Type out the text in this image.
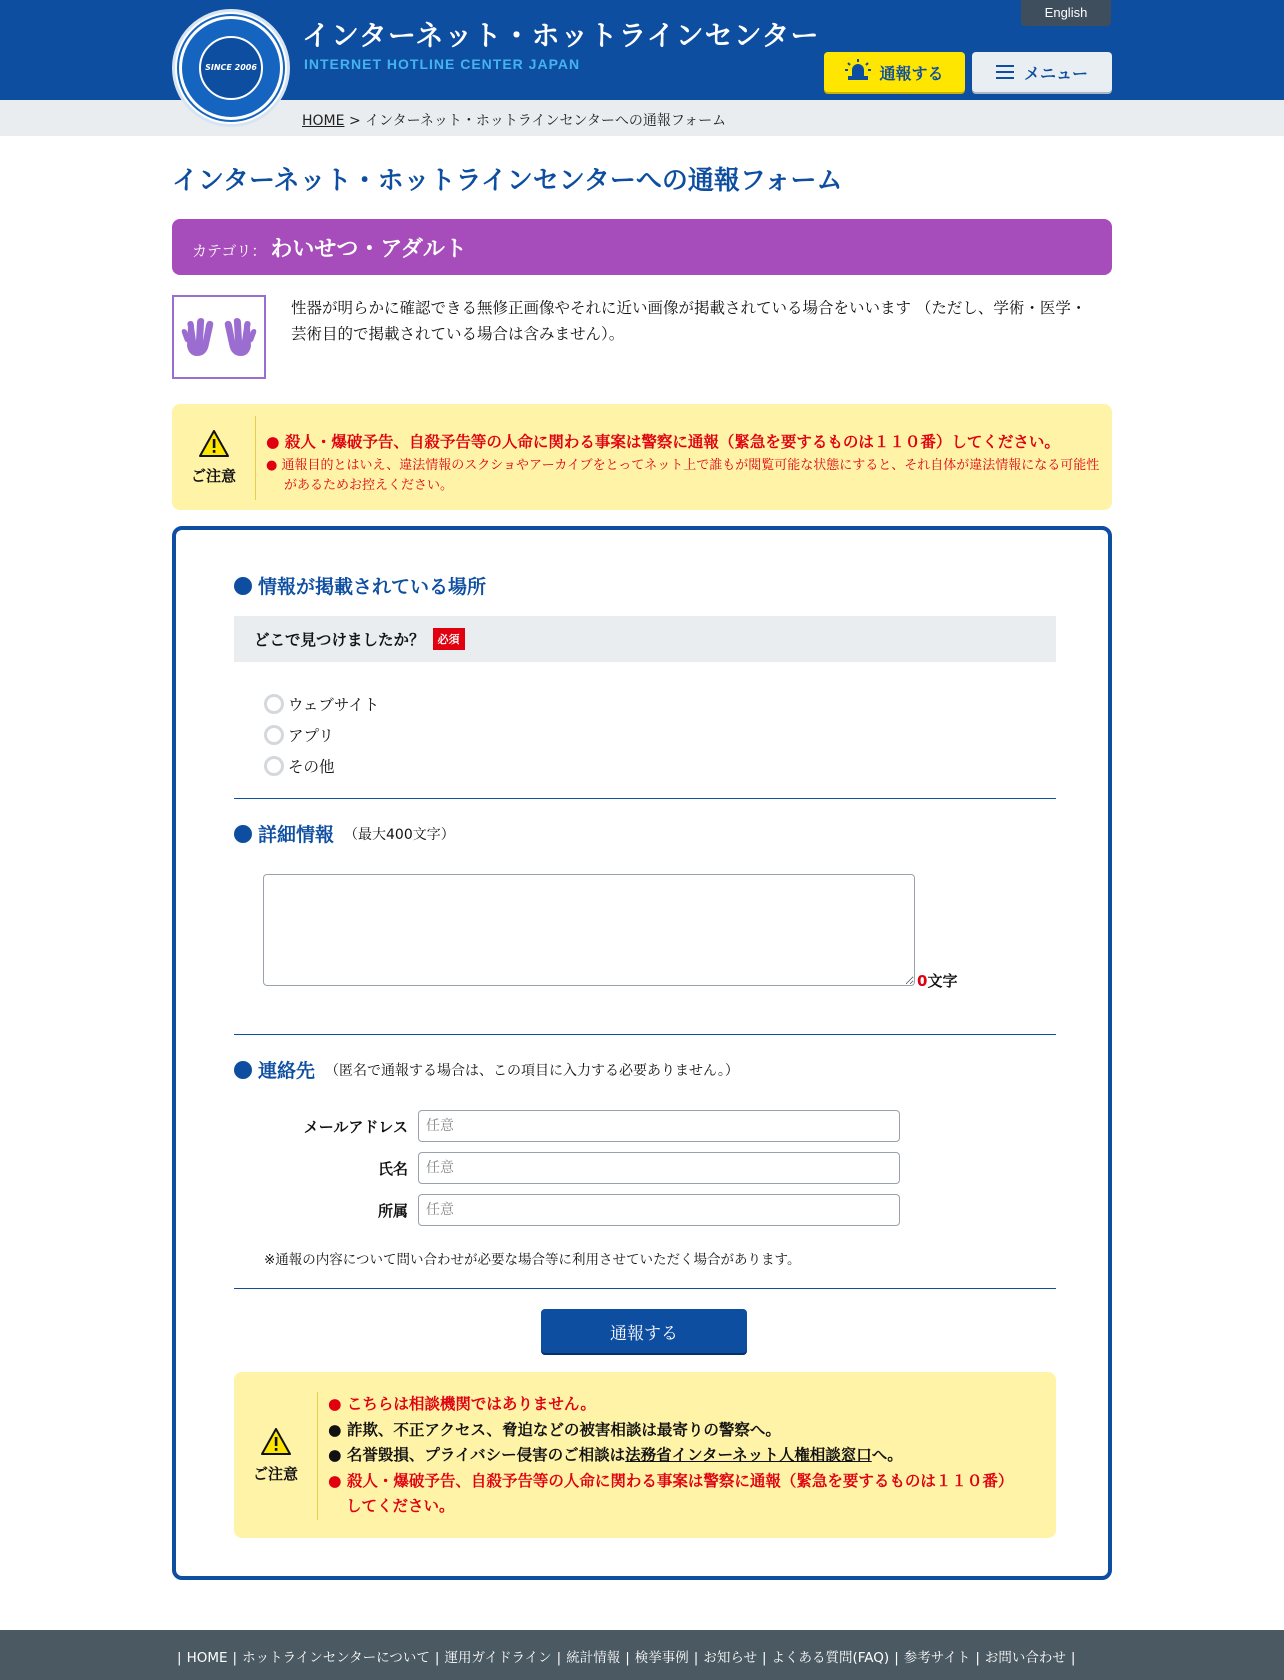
インターネット・ホットラインセンター
INTERNET HOTLINE CENTER JAPAN
English
通報する	メニュー
SINCE 2006
HOME > インターネット・ホットラインセンターへの通報フォーム
インターネット・ホットラインセンターへの通報フォーム
カテゴリ： わいせつ・アダルト

性器が明らかに確認できる無修正画像やそれに近い画像が掲載されている場合をいいます （ただし、学術・医学・芸術目的で掲載されている場合は含みません）。

ご注意
● 殺人・爆破予告、自殺予告等の人命に関わる事案は警察に通報（緊急を要するものは１１０番）してください。
● 通報目的とはいえ、違法情報のスクショやアーカイブをとってネット上で誰もが閲覧可能な状態にすると、それ自体が違法情報になる可能性があるためお控えください。
情報が掲載されている場所
どこで見つけましたか？	必須
ウェブサイト
アプリ
その他
詳細情報 （最大400文字）
0文字
連絡先 （匿名で通報する場合は、この項目に入力する必要ありません。）
メールアドレス
任意
氏名
任意
所属
任意
※通報の内容について問い合わせが必要な場合等に利用させていただく場合があります。
通報する
ご注意
● こちらは相談機関ではありません。
● 詐欺、不正アクセス、脅迫などの被害相談は最寄りの警察へ。
● 名誉毀損、プライバシー侵害のご相談は法務省インターネット人権相談窓口へ。
● 殺人・爆破予告、自殺予告等の人命に関わる事案は警察に通報（緊急を要するものは１１０番）してください。
| HOME | ホットラインセンターについて | 運用ガイドライン | 統計情報 | 検挙事例 | お知らせ | よくある質問(FAQ) | 参考サイト | お問い合わせ |
